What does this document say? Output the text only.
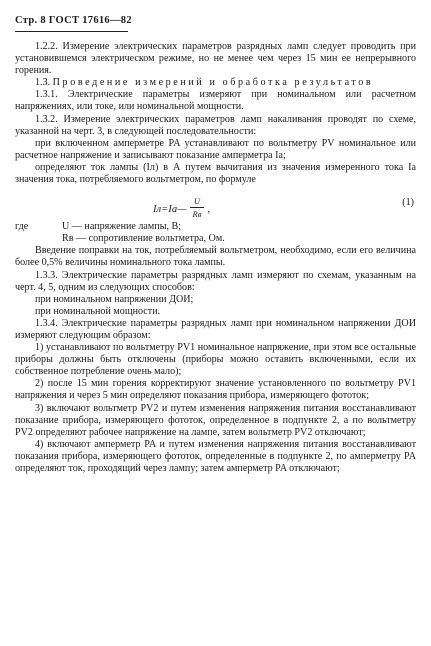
Стр. 8 ГОСТ 17616—82

1.2.2. Измерение электрических параметров разрядных ламп следует проводить при установившемся электрическом режиме, но не менее чем через 15 мин ее непрерывного горения.

1.3. Проведение измерений и обработка результатов

1.3.1. Электрические параметры измеряют при номинальном или расчетном напряжениях, или токе, или номинальной мощности.

1.3.2. Измерение электрических параметров ламп накаливания проводят по схеме, указанной на черт. 3, в следующей последовательности:

при включенном амперметре PA устанавливают по вольтметру PV номинальное или расчетное напряжение и записывают показание амперметра Iа;

определяют ток лампы (Iл) в А путем вычитания из значения измеренного тока Iа значения тока, потребляемого вольтметром, по формуле

Iл=Iа— $\frac{U}{Rв}$ ,
(1)
где	U — напряжение лампы, В;
Rв — сопротивление вольтметра, Ом.

Введение поправки на ток, потребляемый вольтметром, необходимо, если его величина более 0,5% величины номинального тока лампы.

1.3.3. Электрические параметры разрядных ламп измеряют по схемам, указанным на черт. 4, 5, одним из следующих способов:

при номинальном напряжении ДОИ;

при номинальной мощности.

1.3.4. Электрические параметры разрядных ламп при номинальном напряжении ДОИ измеряют следующим образом:

1) устанавливают по вольтметру PV1 номинальное напряжение, при этом все остальные приборы должны быть отключены (приборы можно оставить включенными, если их собственное потребление очень мало);

2) после 15 мин горения корректируют значение установленного по вольтметру PV1 напряжения и через 5 мин определяют показания прибора, измеряющего фототок;

3) включают вольтметр PV2 и путем изменения напряжения питания восстанавливают показание прибора, измеряющего фототок, определенное в подпункте 2, а по вольтметру PV2 определяют рабочее напряжение на лампе, затем вольтметр PV2 отключают;

4) включают амперметр PA и путем изменения напряжения питания восстанавливают показания прибора, измеряющего фототок, определенные в подпункте 2, по амперметру PA определяют ток, проходящий через лампу; затем амперметр PA отключают;
